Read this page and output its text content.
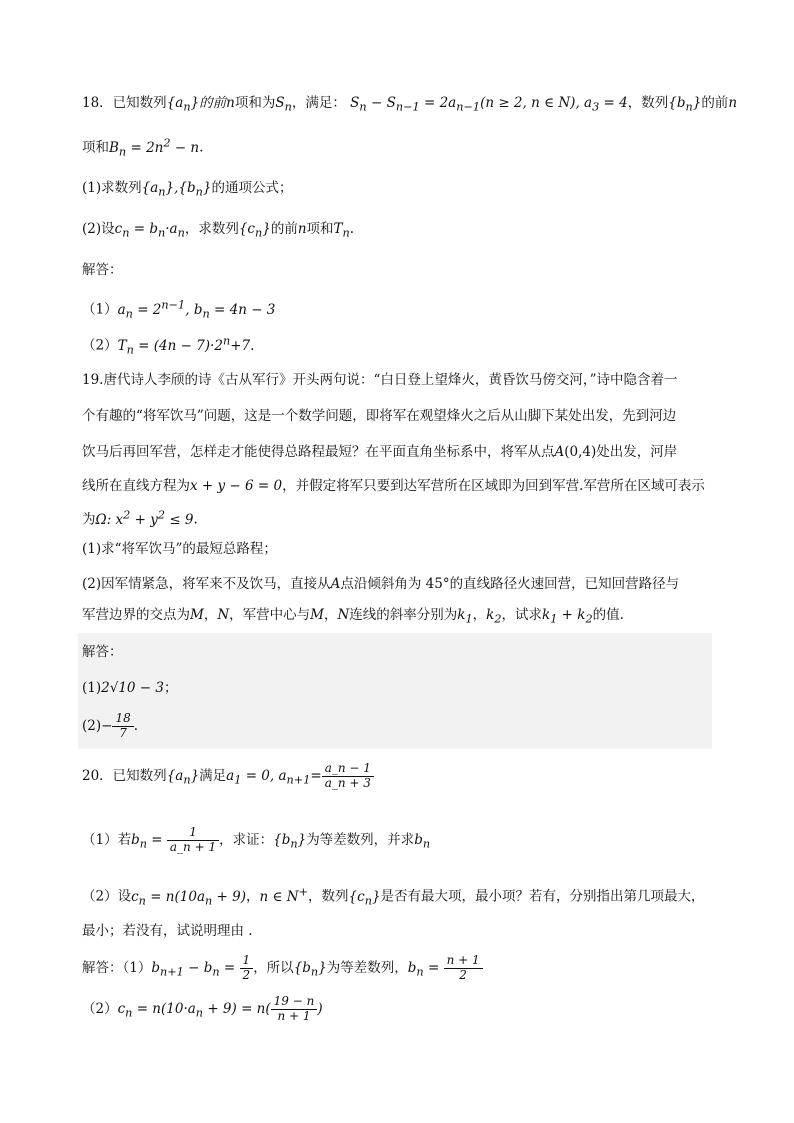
18．已知数列$\{a_n\}$的前n项和为$S_n$，满足： $S_n - S_{n-1} = 2a_{n-1}(n \ge 2$, n ∈ N), $a_3 = 4$，数列$\{b_n\}$的前n
项和$B_n = 2n^2 - n$.
(1)求数列$\{a_n\},\{b_n\}$的通项公式；
(2)设$c_n = b_n\cdot a_n$，求数列$\{c_n\}$的前n项和$T_n$.
解答：
$(1)a_n = 2^{n-1}$, $b_n = 4n - 3$
$(2)T_n = (4n - 7)\cdot 2^n+7$.
19.唐代诗人李颀的诗《古从军行》开头两句说：“白日登上望烽火，黄昏饮马傍交河，”诗中隐含着一
个有趣的“将军饮马”问题，这是一个数学问题，即将军在观望烽火之后从山脚下某处出发，先到河边
饮马后再回军营，怎样走才能使得总路程最短？在平面直角坐标系中，将军从点A(0,4)处出发，河岸
线所在直线方程为x + y − 6 = 0，并假定将军只要到达军营所在区域即为回到军营.军营所在区域可表示
为Ω: $x^2 + y^2 \le 9$.
(1)求“将军饮马”的最短总路程；
(2)因军情紧急，将军来不及饮马，直接从A点沿倾斜角为 45°的直线路径火速回营，已知回营路径与
军营边界的交点为M，N，军营中心与M，N连线的斜率分别为$k_1$，$k_2$，试求$k_1 + k_2$的值.
解答：
(1)2√10 − 3；
$(2)- \frac{18}{7}$ .
20．已知数列$\{a_n\}$满足$a_1 = 0$, $a_{n+1}= \frac{a\_n - 1}{a\_n + 3}$
（1）若$b_n = \frac{1}{a\_n + 1}$ ，求证：$\{b_n\}$为等差数列，并求$b_n$
（2）设$c_n = n(10a_n + 9)$，n ∈ N+，数列$\{c_n\}$是否有最大项，最小项？若有，分别指出第几项最大，
最小；若没有，试说明理由 .
解答：$(1)b_{n+1} - b_n = \frac{1}{2}$ ，所以$\{b_n\}$为等差数列，$b_n = \frac{n + 1}{2}$
$(2)c_n = n(10\cdot a_n + 9) = n( \frac{19 - n}{n + 1}$ )
